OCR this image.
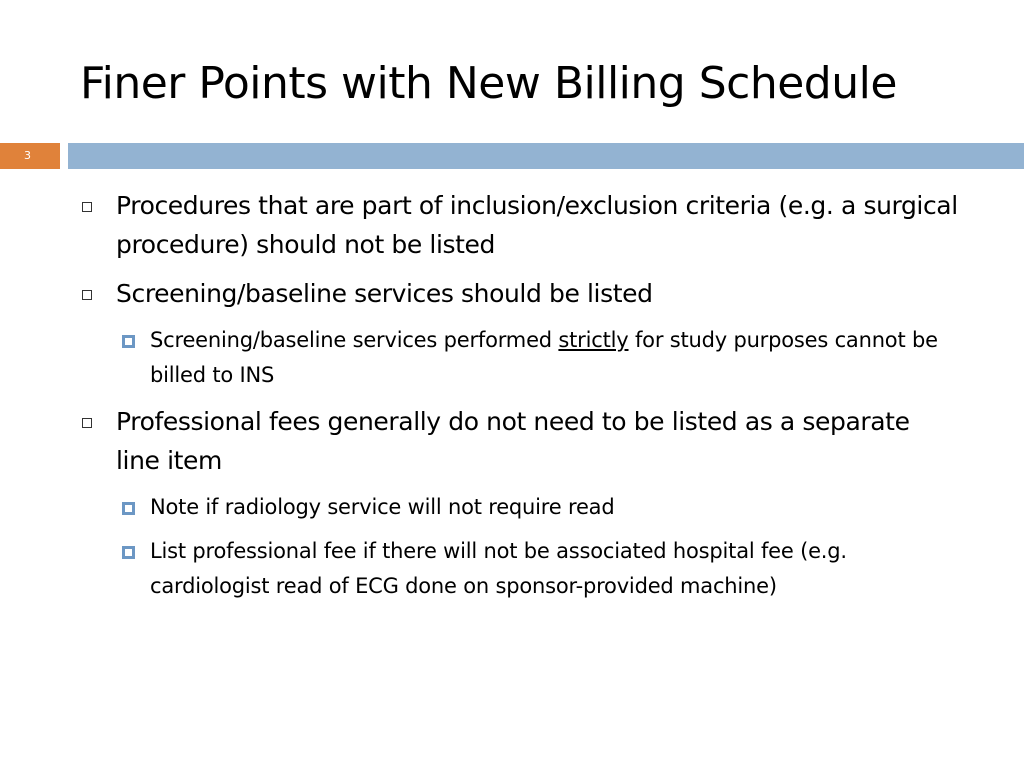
Finer Points with New Billing Schedule
3
Procedures that are part of inclusion/exclusion criteria (e.g. a surgical procedure) should not be listed
Screening/baseline services should be listed
Screening/baseline services performed strictly for study purposes cannot be billed to INS
Professional fees generally do not need to be listed as a separate line item
Note if radiology service will not require read
List professional fee if there will not be associated hospital fee (e.g. cardiologist read of ECG done on sponsor-provided machine)
